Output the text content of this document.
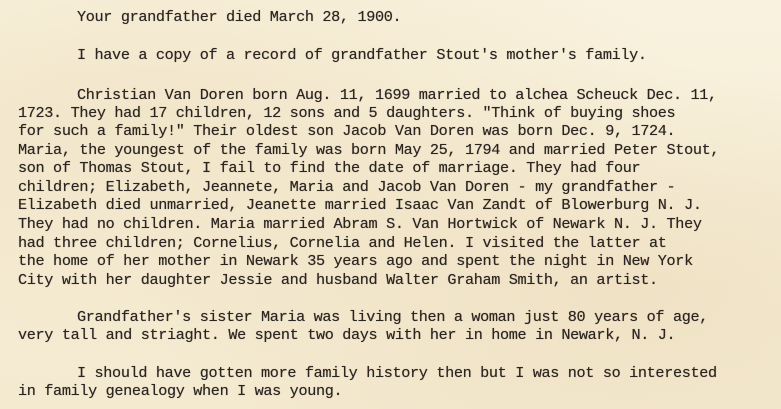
Your grandfather died March 28, 1900.
I have a copy of a record of grandfather Stout's mother's family.
Christian Van Doren born Aug. 11, 1699 married to alchea Scheuck Dec. 11,
1723. They had 17 children, 12 sons and 5 daughters. "Think of buying shoes
for such a family!" Their oldest son Jacob Van Doren was born Dec. 9, 1724.
Maria, the youngest of the family was born May 25, 1794 and married Peter Stout,
son of Thomas Stout, I fail to find the date of marriage. They had four
children; Elizabeth, Jeannete, Maria and Jacob Van Doren - my grandfather -
Elizabeth died unmarried, Jeanette married Isaac Van Zandt of Blowerburg N. J.
They had no children. Maria married Abram S. Van Hortwick of Newark N. J. They
had three children; Cornelius, Cornelia and Helen. I visited the latter at
the home of her mother in Newark 35 years ago and spent the night in New York
City with her daughter Jessie and husband Walter Graham Smith, an artist.
Grandfather's sister Maria was living then a woman just 80 years of age,
very tall and striaght. We spent two days with her in home in Newark, N. J.
I should have gotten more family history then but I was not so interested
in family genealogy when I was young.
